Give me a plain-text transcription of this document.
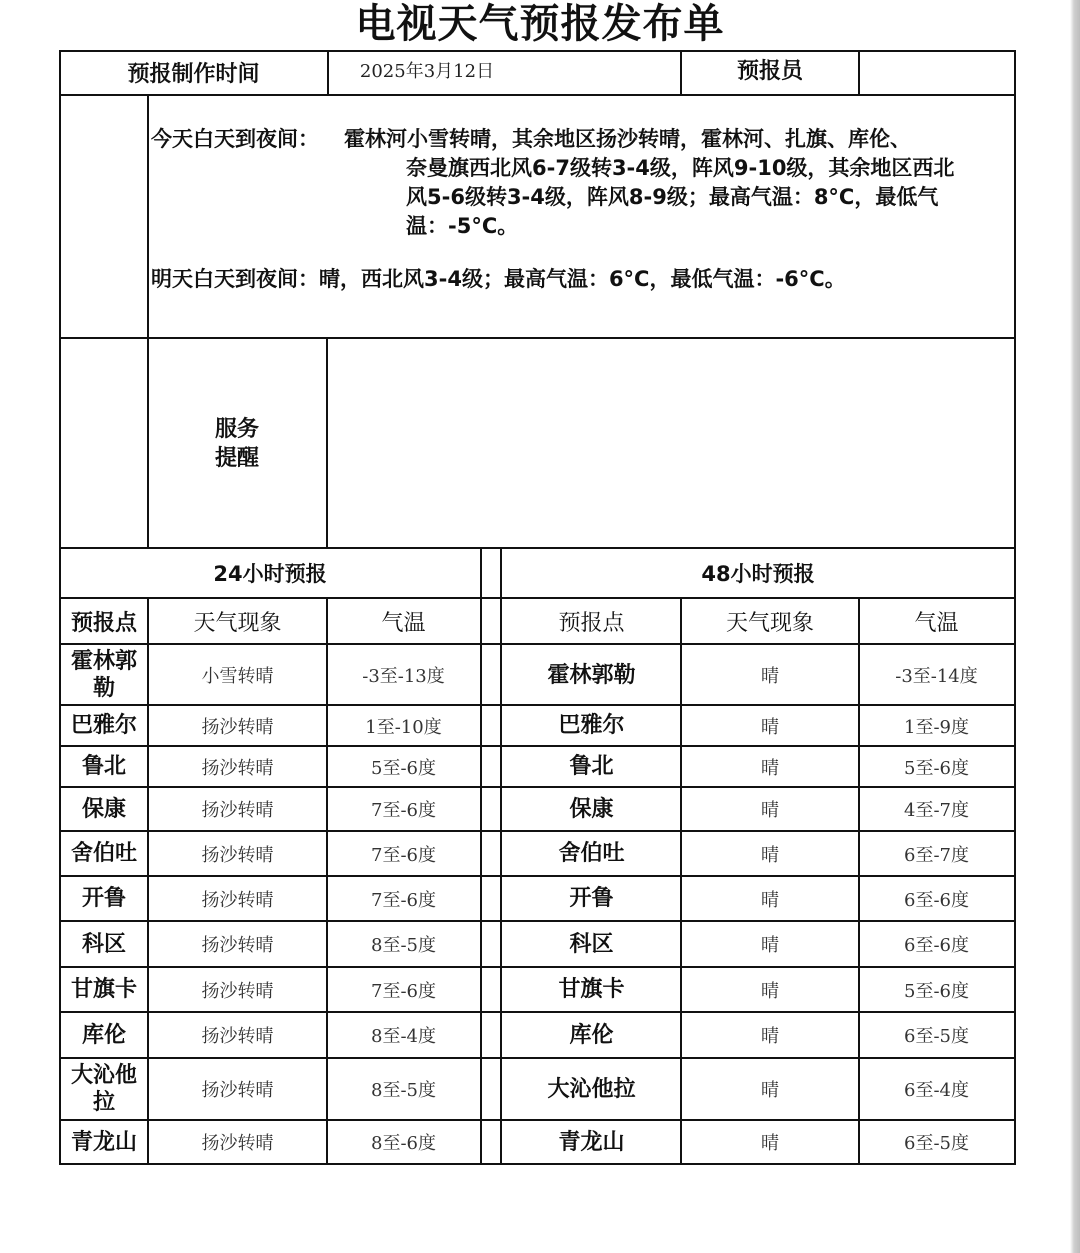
电视天气预报发布单
预报制作时间	2025年3月12日	预报员
今天白天到夜间： 霍林河小雪转晴，其余地区扬沙转晴，霍林河、扎旗、库伦、
奈曼旗西北风6-7级转3-4级，阵风9-10级，其余地区西北
风5-6级转3-4级，阵风8-9级；最高气温：8°C，最低气
温：-5°C。
明天白天到夜间：晴，西北风3-4级；最高气温：6°C，最低气温：-6°C。
服务
提醒
24小时预报	48小时预报
预报点	天气现象	气温	预报点	天气现象	气温
霍林郭勒	小雪转晴	-3至-13度	霍林郭勒	晴	-3至-14度
巴雅尔	扬沙转晴	1至-10度	巴雅尔	晴	1至-9度
鲁北	扬沙转晴	5至-6度	鲁北	晴	5至-6度
保康	扬沙转晴	7至-6度	保康	晴	4至-7度
舍伯吐	扬沙转晴	7至-6度	舍伯吐	晴	6至-7度
开鲁	扬沙转晴	7至-6度	开鲁	晴	6至-6度
科区	扬沙转晴	8至-5度	科区	晴	6至-6度
甘旗卡	扬沙转晴	7至-6度	甘旗卡	晴	5至-6度
库伦	扬沙转晴	8至-4度	库伦	晴	6至-5度
大沁他拉	扬沙转晴	8至-5度	大沁他拉	晴	6至-4度
青龙山	扬沙转晴	8至-6度	青龙山	晴	6至-5度
